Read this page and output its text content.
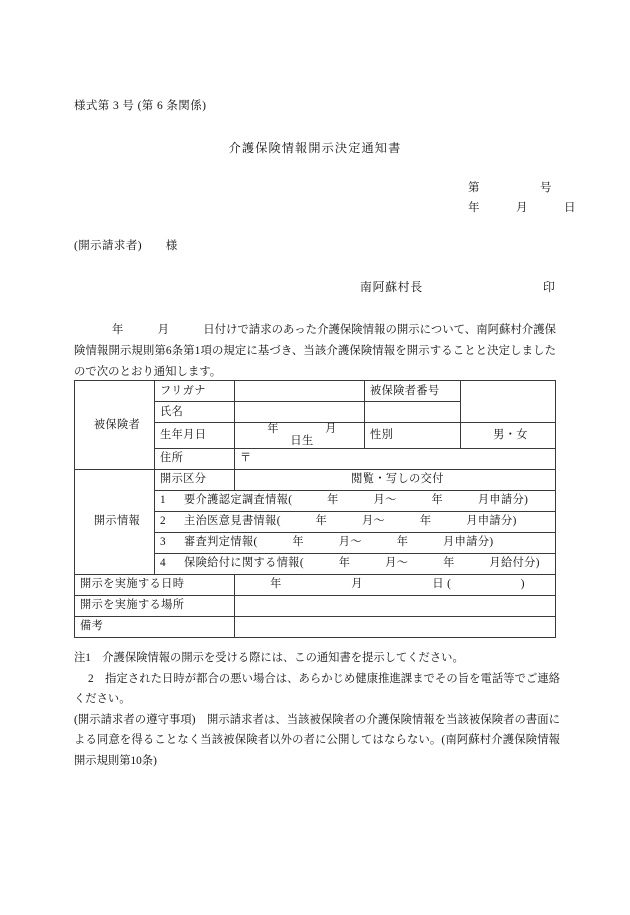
様式第 3 号 (第 6 条関係)
介護保険情報開示決定通知書
第　　　　　号
年　　　月　　　日
(開示請求者)　　様
南阿蘇村長	印
年　　　月　　　日付けで請求のあった介護保険情報の開示について、南阿蘇村介護保険情報開示規則第6条第1項の規定に基づき、当該介護保険情報を開示することと決定しましたので次のとおり通知します。
被保険者	フリガナ		被保険者番号	
	氏名			
	生年月日	年　　　　月　　　　日生	性別	男・女
	住所	〒		
開示情報	開示区分	閲覧・写しの交付		
	1 要介護認定調査情報(　　　年　　　月～　　　年　　　月申請分)			
	2 主治医意見書情報(　　　年　　　月～　　　年　　　月申請分)			
	3 審査判定情報(　　　年　　　月～　　　年　　　月申請分)			
	4 保険給付に関する情報(　　　年　　　月～　　　年　　　月給付分)			
開示を実施する日時		年　　　　　　月　　　　　　日 (　　　　　　)		
開示を実施する場所				
備考				

注1　介護保険情報の開示を受ける際には、この通知書を提示してください。

2　指定された日時が都合の悪い場合は、あらかじめ健康推進課までその旨を電話等でご連絡ください。

(開示請求者の遵守事項)　開示請求者は、当該被保険者の介護保険情報を当該被保険者の書面による同意を得ることなく当該被保険者以外の者に公開してはならない。(南阿蘇村介護保険情報開示規則第10条)
